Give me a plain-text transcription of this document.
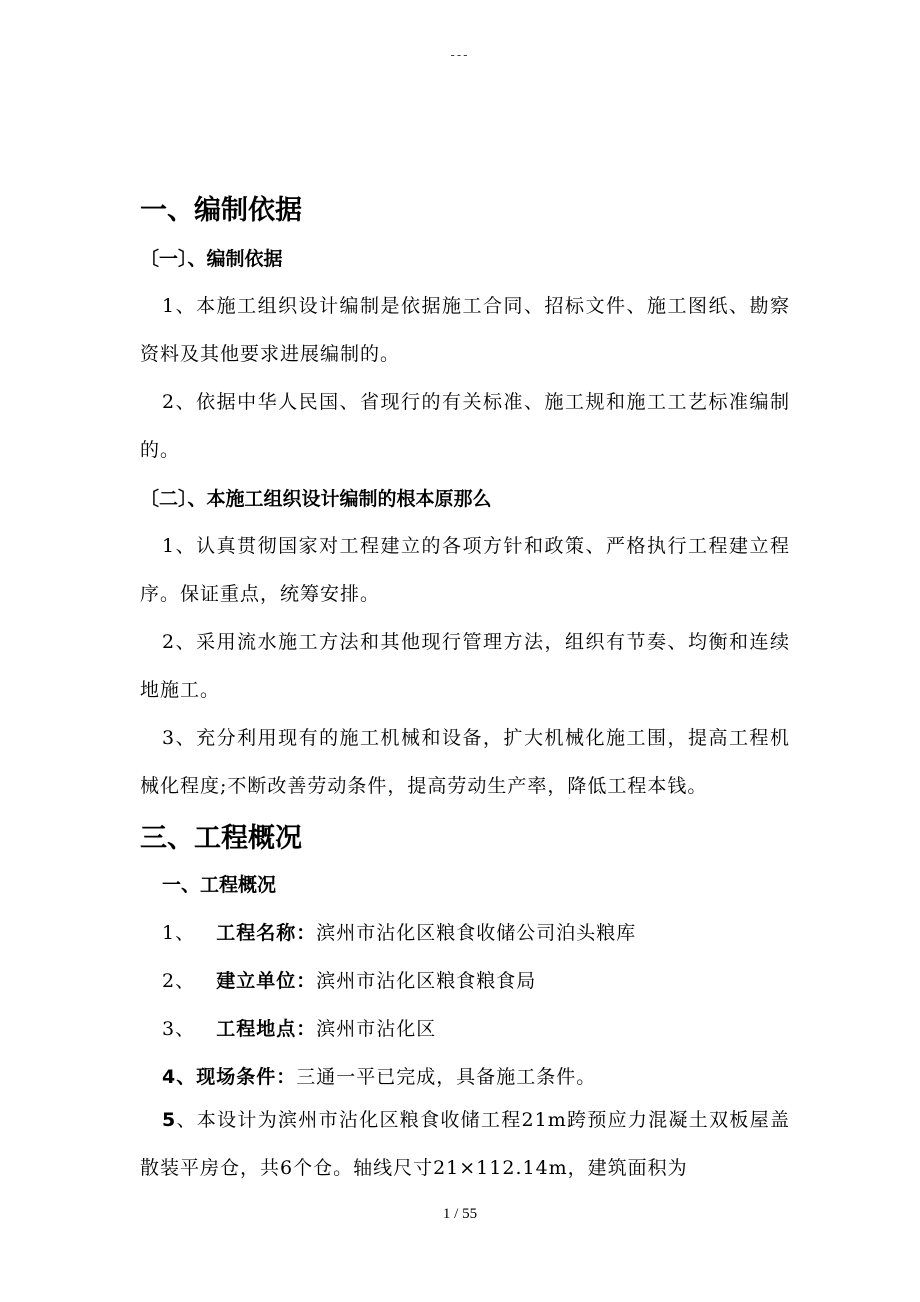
---
一、编制依据
〔一〕、编制依据
1、本施工组织设计编制是依据施工合同、招标文件、施工图纸、勘察资料及其他要求进展编制的。
2、依据中华人民国、省现行的有关标准、施工规和施工工艺标准编制的。
〔二〕、本施工组织设计编制的根本原那么
1、认真贯彻国家对工程建立的各项方针和政策、严格执行工程建立程序。保证重点，统筹安排。
2、采用流水施工方法和其他现行管理方法，组织有节奏、均衡和连续地施工。
3、充分利用现有的施工机械和设备，扩大机械化施工围，提高工程机械化程度;不断改善劳动条件，提高劳动生产率，降低工程本钱。
三、工程概况
一、工程概况
1、 工程名称：滨州市沾化区粮食收储公司泊头粮库
2、 建立单位：滨州市沾化区粮食粮食局
3、 工程地点：滨州市沾化区
4、现场条件：三通一平已完成，具备施工条件。
5、本设计为滨州市沾化区粮食收储工程21m跨预应力混凝土双板屋盖散装平房仓，共6个仓。轴线尺寸21×112.14m，建筑面积为
1 / 55
